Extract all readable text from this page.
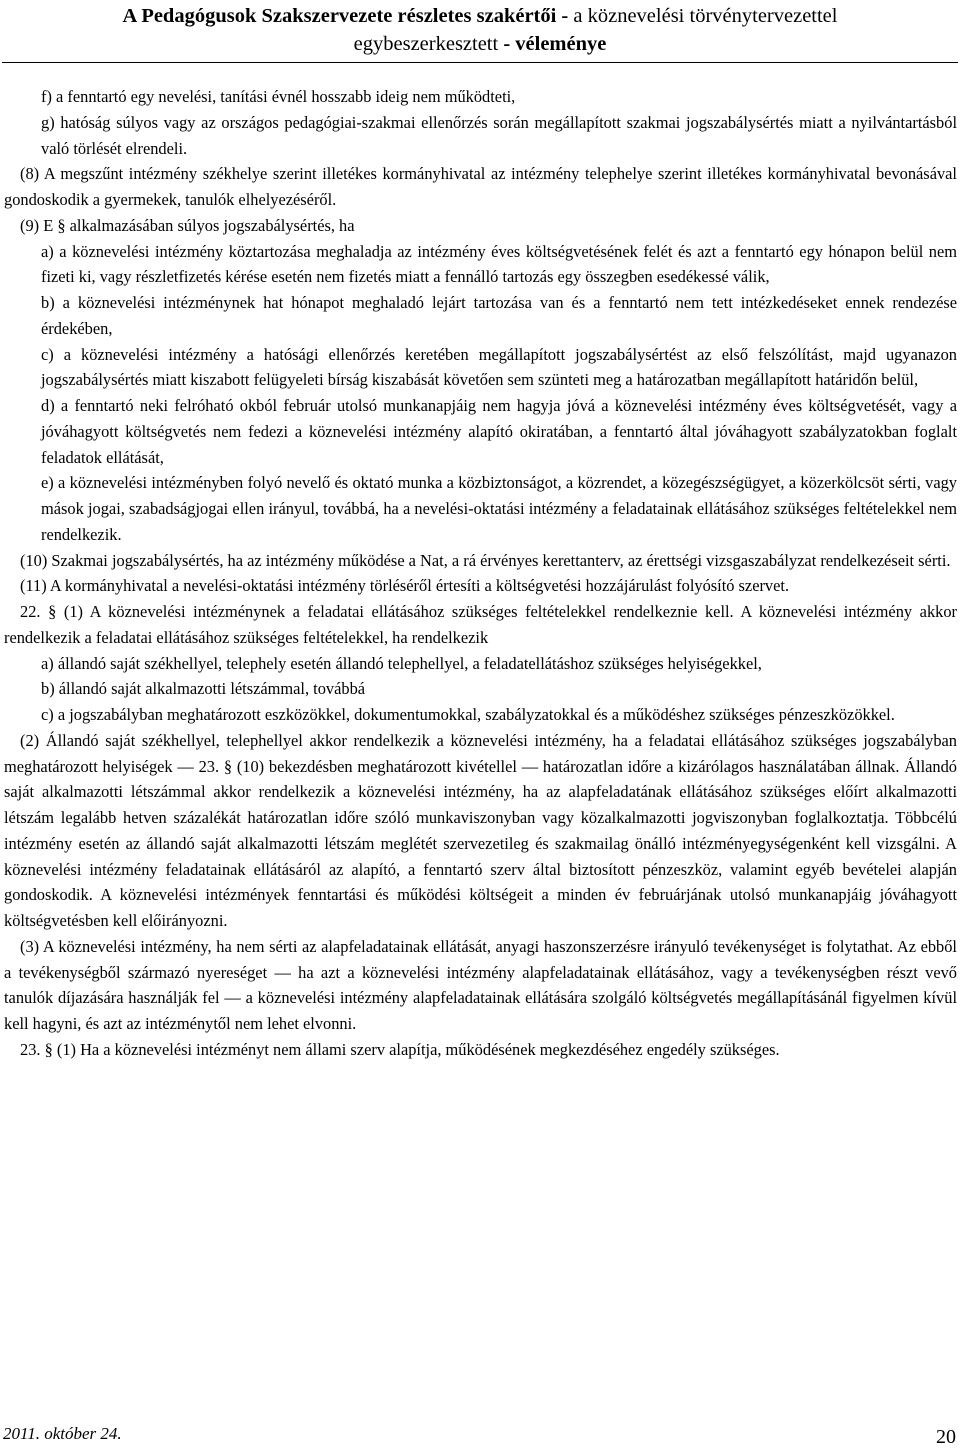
A Pedagógusok Szakszervezete részletes szakértői - a köznevelési törvénytervezettel
egybeszerkesztett - véleménye

f) a fenntartó egy nevelési, tanítási évnél hosszabb ideig nem működteti,

g) hatóság súlyos vagy az országos pedagógiai-szakmai ellenőrzés során megállapított szakmai jogszabálysértés miatt a nyilvántartásból való törlését elrendeli.

(8) A megszűnt intézmény székhelye szerint illetékes kormányhivatal az intézmény telephelye szerint illetékes kormányhivatal bevonásával gondoskodik a gyermekek, tanulók elhelyezéséről.

(9) E § alkalmazásában súlyos jogszabálysértés, ha

a) a köznevelési intézmény köztartozása meghaladja az intézmény éves költségvetésének felét és azt a fenntartó egy hónapon belül nem fizeti ki, vagy részletfizetés kérése esetén nem fizetés miatt a fennálló tartozás egy összegben esedékessé válik,

b) a köznevelési intézménynek hat hónapot meghaladó lejárt tartozása van és a fenntartó nem tett intézkedéseket ennek rendezése érdekében,

c) a köznevelési intézmény a hatósági ellenőrzés keretében megállapított jogszabálysértést az első felszólítást, majd ugyanazon jogszabálysértés miatt kiszabott felügyeleti bírság kiszabását követően sem szünteti meg a határozatban megállapított határidőn belül,

d) a fenntartó neki felróható okból február utolsó munkanapjáig nem hagyja jóvá a köznevelési intézmény éves költségvetését, vagy a jóváhagyott költségvetés nem fedezi a köznevelési intézmény alapító okiratában, a fenntartó által jóváhagyott szabályzatokban foglalt feladatok ellátását,

e) a köznevelési intézményben folyó nevelő és oktató munka a közbiztonságot, a közrendet, a közegészségügyet, a közerkölcsöt sérti, vagy mások jogai, szabadságjogai ellen irányul, továbbá, ha a nevelési-oktatási intézmény a feladatainak ellátásához szükséges feltételekkel nem rendelkezik.

(10) Szakmai jogszabálysértés, ha az intézmény működése a Nat, a rá érvényes kerettanterv, az érettségi vizsgaszabályzat rendelkezéseit sérti.

(11) A kormányhivatal a nevelési-oktatási intézmény törléséről értesíti a költségvetési hozzájárulást folyósító szervet.

22. § (1) A köznevelési intézménynek a feladatai ellátásához szükséges feltételekkel rendelkeznie kell. A köznevelési intézmény akkor rendelkezik a feladatai ellátásához szükséges feltételekkel, ha rendelkezik

a) állandó saját székhellyel, telephely esetén állandó telephellyel, a feladatellátáshoz szükséges helyiségekkel,

b) állandó saját alkalmazotti létszámmal, továbbá

c) a jogszabályban meghatározott eszközökkel, dokumentumokkal, szabályzatokkal és a működéshez szükséges pénzeszközökkel.

(2) Állandó saját székhellyel, telephellyel akkor rendelkezik a köznevelési intézmény, ha a feladatai ellátásához szükséges jogszabályban meghatározott helyiségek — 23. § (10) bekezdésben meghatározott kivétellel — határozatlan időre a kizárólagos használatában állnak. Állandó saját alkalmazotti létszámmal akkor rendelkezik a köznevelési intézmény, ha az alapfeladatának ellátásához szükséges előírt alkalmazotti létszám legalább hetven százalékát határozatlan időre szóló munkaviszonyban vagy közalkalmazotti jogviszonyban foglalkoztatja. Többcélú intézmény esetén az állandó saját alkalmazotti létszám meglétét szervezetileg és szakmailag önálló intézményegységenként kell vizsgálni. A köznevelési intézmény feladatainak ellátásáról az alapító, a fenntartó szerv által biztosított pénzeszköz, valamint egyéb bevételei alapján gondoskodik. A köznevelési intézmények fenntartási és működési költségeit a minden év februárjának utolsó munkanapjáig jóváhagyott költségvetésben kell előirányozni.

(3) A köznevelési intézmény, ha nem sérti az alapfeladatainak ellátását, anyagi haszonszerzésre irányuló tevékenységet is folytathat. Az ebből a tevékenységből származó nyereséget — ha azt a köznevelési intézmény alapfeladatainak ellátásához, vagy a tevékenységben részt vevő tanulók díjazására használják fel — a köznevelési intézmény alapfeladatainak ellátására szolgáló költségvetés megállapításánál figyelmen kívül kell hagyni, és azt az intézménytől nem lehet elvonni.

23. § (1) Ha a köznevelési intézményt nem állami szerv alapítja, működésének megkezdéséhez engedély szükséges.

2011. október 24.	20
